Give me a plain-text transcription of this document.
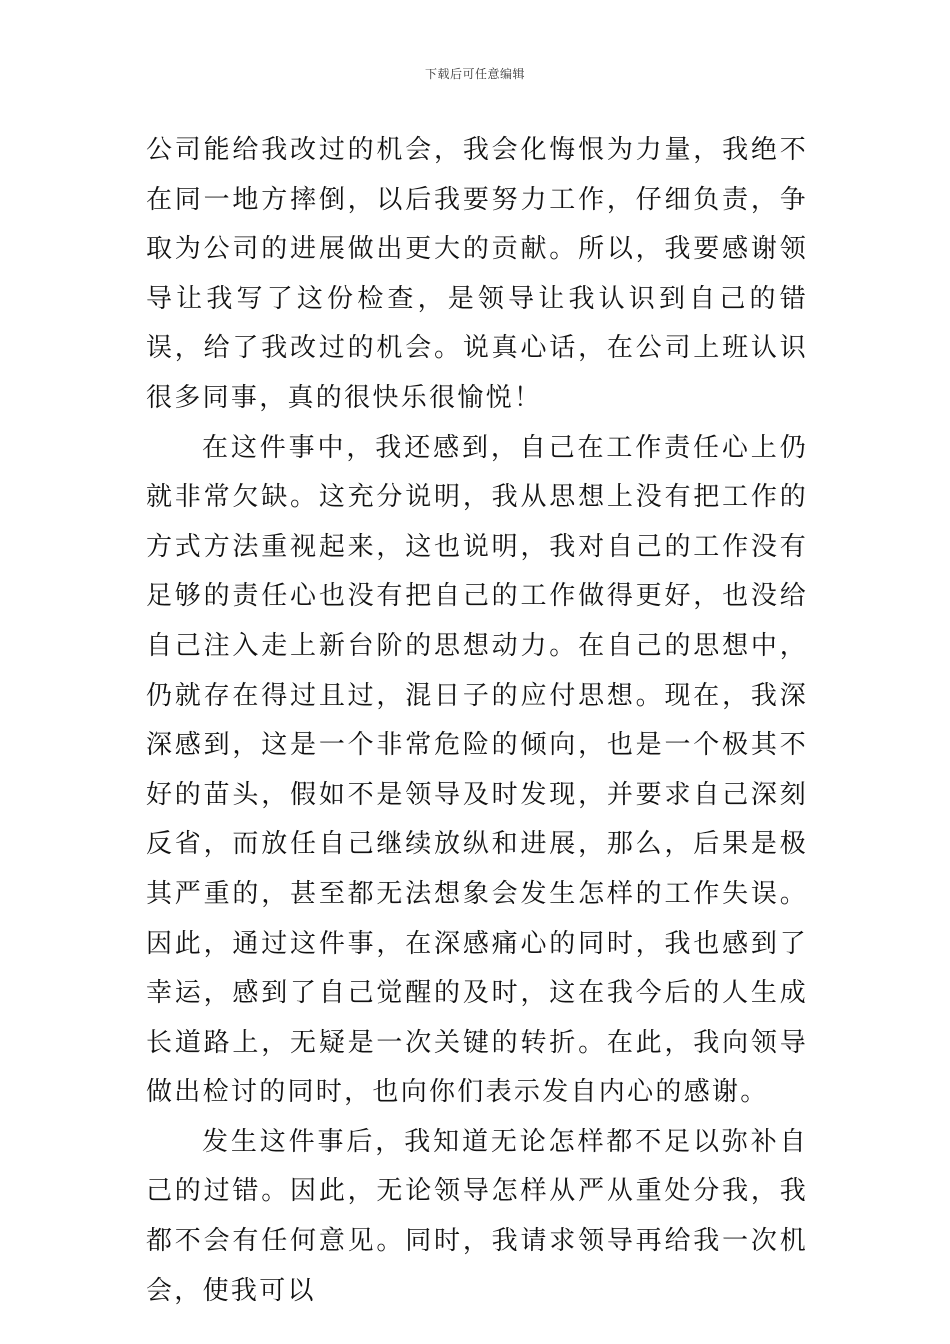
下载后可任意编辑

公司能给我改过的机会，我会化悔恨为力量，我绝不在同一地方摔倒，以后我要努力工作，仔细负责，争取为公司的进展做出更大的贡献。所以，我要感谢领导让我写了这份检查，是领导让我认识到自己的错误，给了我改过的机会。说真心话，在公司上班认识很多同事，真的很快乐很愉悦！

在这件事中，我还感到，自己在工作责任心上仍就非常欠缺。这充分说明，我从思想上没有把工作的方式方法重视起来，这也说明，我对自己的工作没有足够的责任心也没有把自己的工作做得更好，也没给自己注入走上新台阶的思想动力。在自己的思想中，仍就存在得过且过，混日子的应付思想。现在，我深深感到，这是一个非常危险的倾向，也是一个极其不好的苗头，假如不是领导及时发现，并要求自己深刻反省，而放任自己继续放纵和进展，那么，后果是极其严重的，甚至都无法想象会发生怎样的工作失误。因此，通过这件事，在深感痛心的同时，我也感到了幸运，感到了自己觉醒的及时，这在我今后的人生成长道路上，无疑是一次关键的转折。在此，我向领导做出检讨的同时，也向你们表示发自内心的感谢。

发生这件事后，我知道无论怎样都不足以弥补自己的过错。因此，无论领导怎样从严从重处分我，我都不会有任何意见。同时，我请求领导再给我一次机会，使我可以
